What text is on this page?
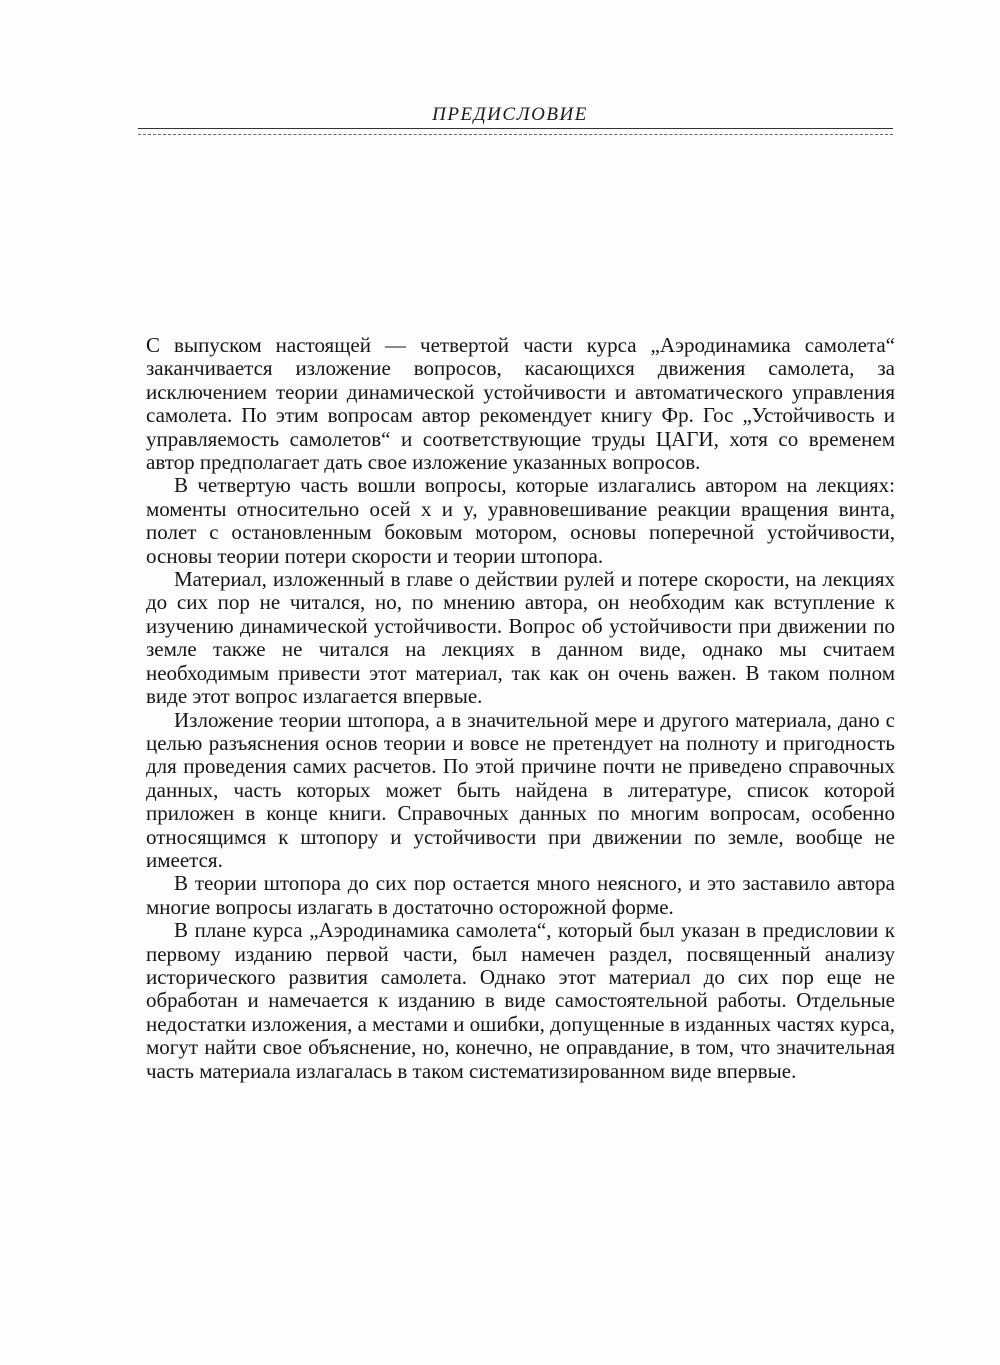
ПРЕДИСЛОВИЕ

С выпуском настоящей — четвертой части курса „Аэродинамика самолета“ заканчивается изложение вопросов, касающихся движения самолета, за исключением теории динамической устойчивости и автоматического управления самолета. По этим вопросам автор рекомендует книгу Фр. Гос „Устойчивость и управляемость самолетов“ и соответствующие труды ЦАГИ, хотя со временем автор предполагает дать свое изложение указанных вопросов.

В четвертую часть вошли вопросы, которые излагались автором на лекциях: моменты относительно осей x и y, уравновешивание реакции вращения винта, полет с остановленным боковым мотором, основы поперечной устойчивости, основы теории потери скорости и теории штопора.

Материал, изложенный в главе о действии рулей и потере скорости, на лекциях до сих пор не читался, но, по мнению автора, он необходим как вступление к изучению динамической устойчивости. Вопрос об устойчивости при движении по земле также не читался на лекциях в данном виде, однако мы считаем необходимым привести этот материал, так как он очень важен. В таком полном виде этот вопрос излагается впервые.

Изложение теории штопора, а в значительной мере и другого материала, дано с целью разъяснения основ теории и вовсе не претендует на полноту и пригодность для проведения самих расчетов. По этой причине почти не приведено справочных данных, часть которых может быть найдена в литературе, список которой приложен в конце книги. Справочных данных по многим вопросам, особенно относящимся к штопору и устойчивости при движении по земле, вообще не имеется.

В теории штопора до сих пор остается много неясного, и это заставило автора многие вопросы излагать в достаточно осторожной форме.

В плане курса „Аэродинамика самолета“, который был указан в предисловии к первому изданию первой части, был намечен раздел, посвященный анализу исторического развития самолета. Однако этот материал до сих пор еще не обработан и намечается к изданию в виде самостоятельной работы. Отдельные недостатки изложения, а местами и ошибки, допущенные в изданных частях курса, могут найти свое объяснение, но, конечно, не оправдание, в том, что значительная часть материала излагалась в таком систематизированном виде впервые.
